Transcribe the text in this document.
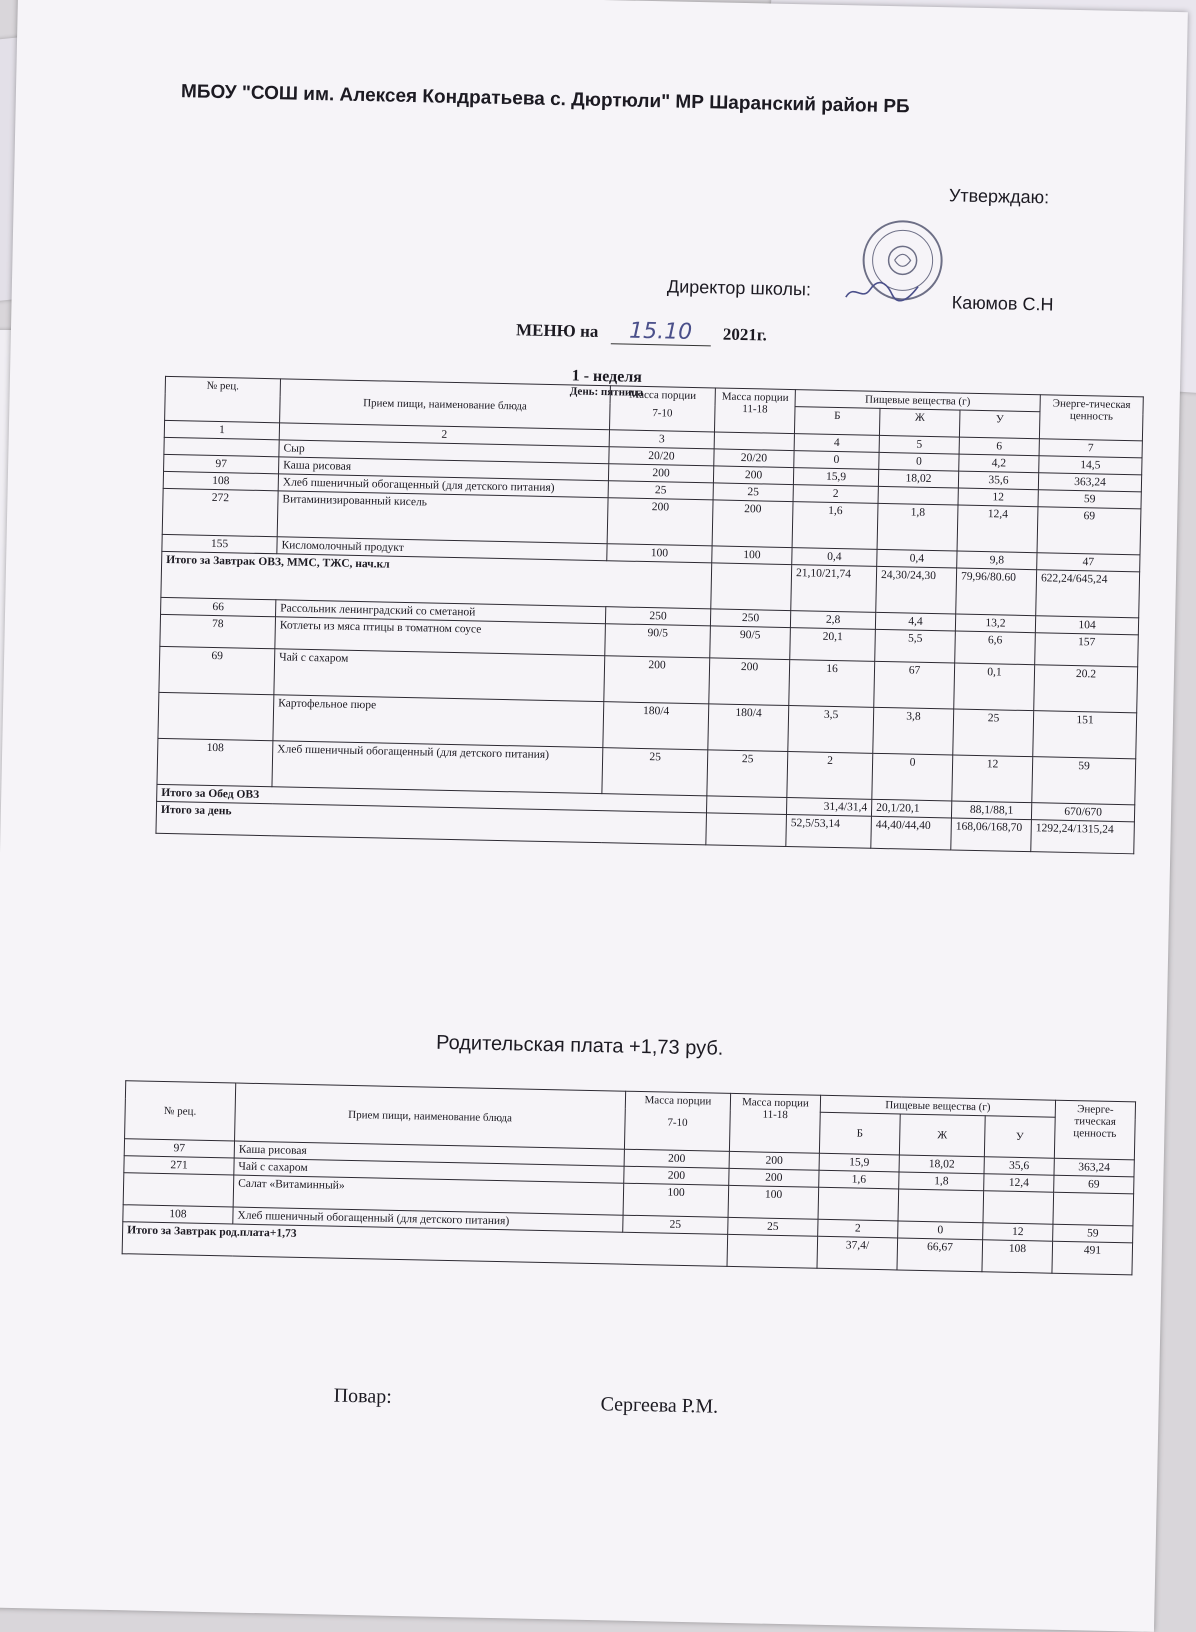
МБОУ "СОШ им. Алексея Кондратьева с. Дюртюли" МР Шаранский район РБ
Утверждаю:
Директор школы:
Каюмов С.Н
МЕНЮ на 15.10 2021г.
1 - неделя
День: пятница
№ рец.	Прием пищи, наименование блюда	Масса порции
7-10	Масса порции 11-18	Пищевые вещества (г)			Энерге-тическая ценность
				Б	Ж	У	
1	2	3		4	5	6	7
	Сыр	20/20	20/20	0	0	4,2	14,5
97	Каша рисовая	200	200	15,9	18,02	35,6	363,24
108	Хлеб пшеничный обогащенный (для детского питания)	25	25	2		12	59
272	Витаминизированный кисель	200	200	1,6	1,8	12,4	69
155	Кисломолочный продукт	100	100	0,4	0,4	9,8	47
Итого за Завтрак ОВЗ, ММС, ТЖС, нач.кл				21,10/21,74	24,30/24,30	79,96/80.60	622,24/645,24
66	Рассольник ленинградский со сметаной	250	250	2,8	4,4	13,2	104
78	Котлеты из мяса птицы в томатном соусе	90/5	90/5	20,1	5,5	6,6	157
69	Чай с сахаром	200	200	16	67	0,1	20.2
	Картофельное пюре	180/4	180/4	3,5	3,8	25	151
108	Хлеб пшеничный обогащенный (для детского питания)	25	25	2	0	12	59
Итого за Обед ОВЗ				31,4/31,4	20,1/20,1	88,1/88,1	670/670
Итого за день				52,5/53,14	44,40/44,40	168,06/168,70	1292,24/1315,24
Родительская плата +1,73 руб.
№ рец.	Прием пищи, наименование блюда	Масса порции
7-10	Масса порции 11-18	Пищевые вещества (г)			Энерге-тическая ценность
				Б	Ж	У	
97	Каша рисовая	200	200	15,9	18,02	35,6	363,24
271	Чай с сахаром	200	200	1,6	1,8	12,4	69
	Салат «Витаминный»	100	100				
108	Хлеб пшеничный обогащенный (для детского питания)	25	25	2	0	12	59
Итого за Завтрак род.плата+1,73				37,4/	66,67	108	491
Повар:	Сергеева Р.М.
